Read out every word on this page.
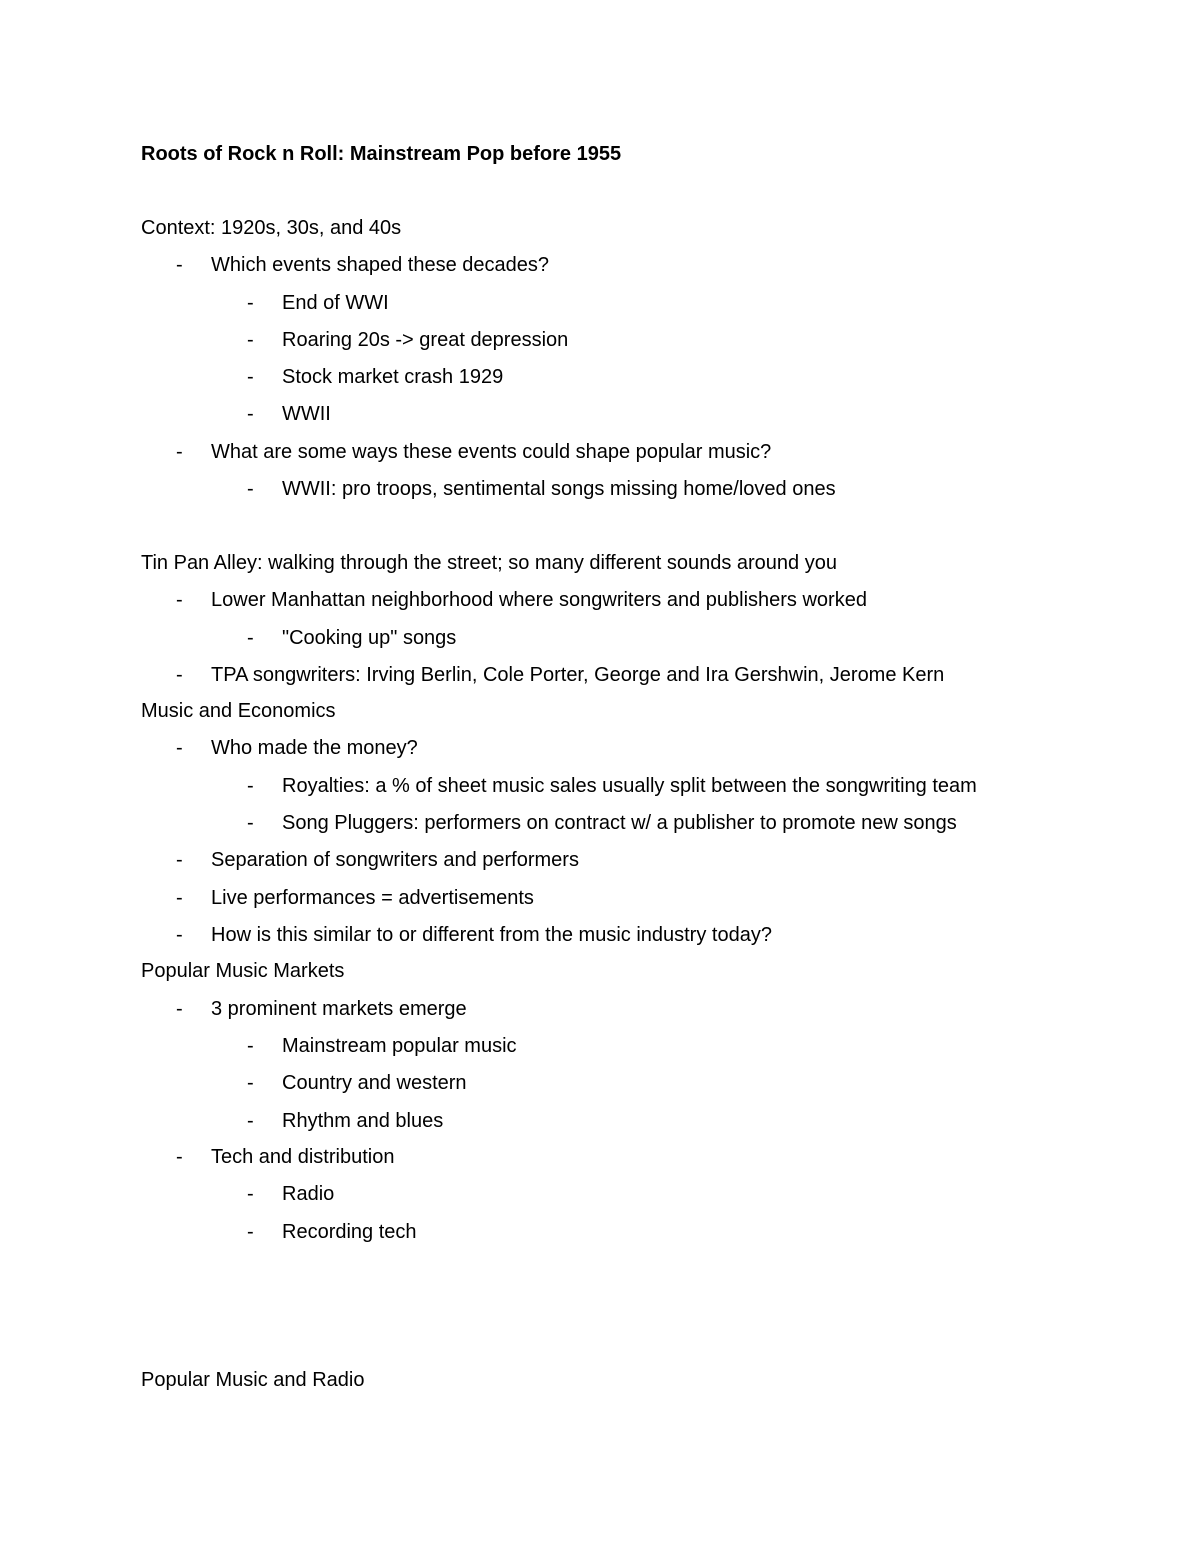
Roots of Rock n Roll: Mainstream Pop before 1955
Context: 1920s, 30s, and 40s
- Which events shaped these decades?
- End of WWI
- Roaring 20s -> great depression
- Stock market crash 1929
- WWII
- What are some ways these events could shape popular music?
- WWII: pro troops, sentimental songs missing home/loved ones
Tin Pan Alley: walking through the street; so many different sounds around you
- Lower Manhattan neighborhood where songwriters and publishers worked
- "Cooking up" songs
- TPA songwriters: Irving Berlin, Cole Porter, George and Ira Gershwin, Jerome Kern
Music and Economics
- Who made the money?
- Royalties: a % of sheet music sales usually split between the songwriting team
- Song Pluggers: performers on contract w/ a publisher to promote new songs
- Separation of songwriters and performers
- Live performances = advertisements
- How is this similar to or different from the music industry today?
Popular Music Markets
- 3 prominent markets emerge
- Mainstream popular music
- Country and western
- Rhythm and blues
- Tech and distribution
- Radio
- Recording tech
Popular Music and Radio
